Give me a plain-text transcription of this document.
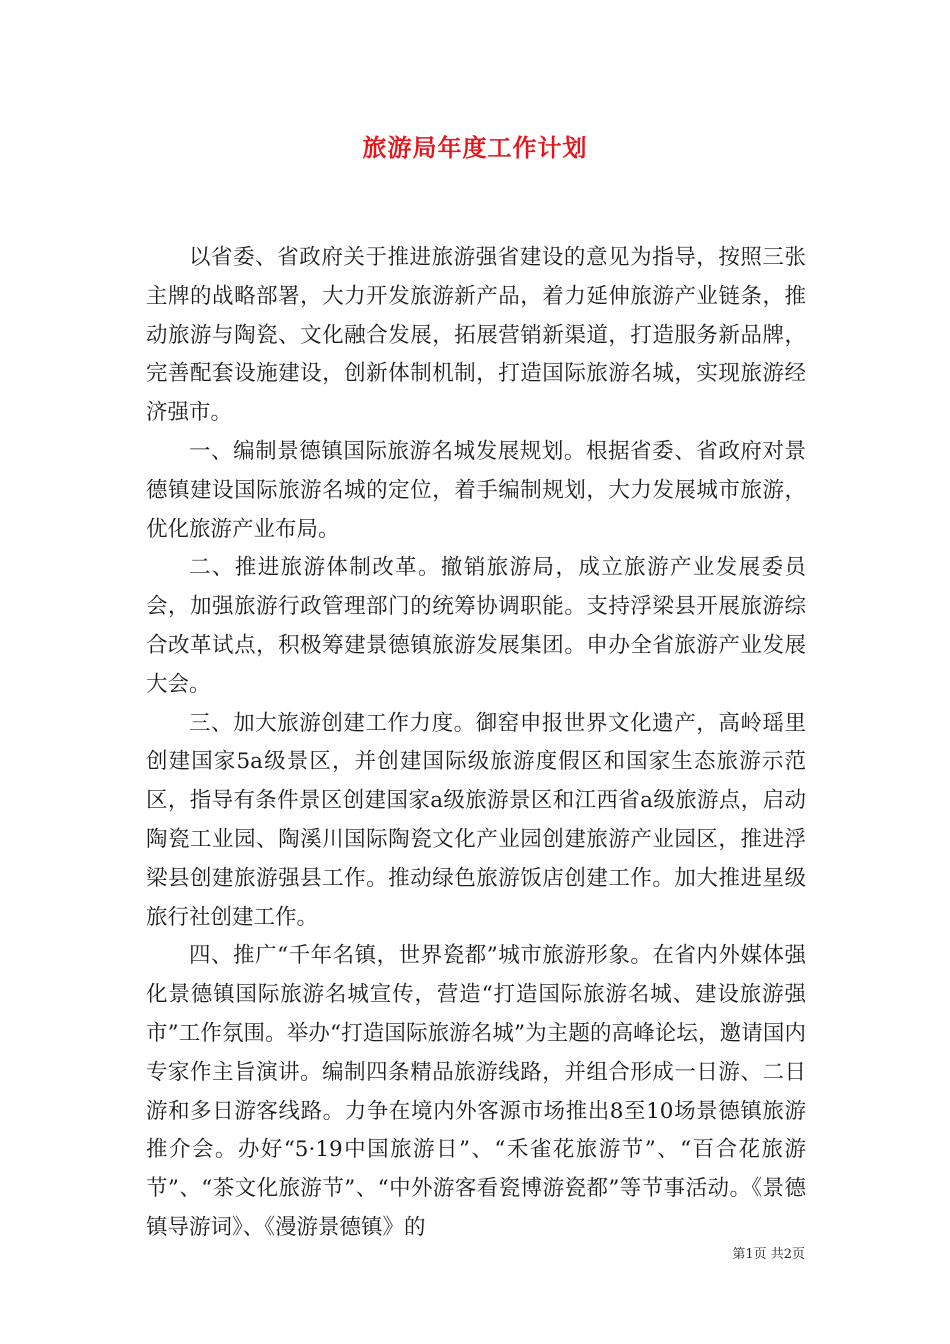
旅游局年度工作计划

以省委、省政府关于推进旅游强省建设的意见为指导，按照三张主牌的战略部署，大力开发旅游新产品，着力延伸旅游产业链条，推动旅游与陶瓷、文化融合发展，拓展营销新渠道，打造服务新品牌，完善配套设施建设，创新体制机制，打造国际旅游名城，实现旅游经济强市。

一、编制景德镇国际旅游名城发展规划。根据省委、省政府对景德镇建设国际旅游名城的定位，着手编制规划，大力发展城市旅游，优化旅游产业布局。

二、推进旅游体制改革。撤销旅游局，成立旅游产业发展委员会，加强旅游行政管理部门的统筹协调职能。支持浮梁县开展旅游综合改革试点，积极筹建景德镇旅游发展集团。申办全省旅游产业发展大会。

三、加大旅游创建工作力度。御窑申报世界文化遗产，高岭瑶里创建国家5a级景区，并创建国际级旅游度假区和国家生态旅游示范区，指导有条件景区创建国家a级旅游景区和江西省a级旅游点，启动陶瓷工业园、陶溪川国际陶瓷文化产业园创建旅游产业园区，推进浮梁县创建旅游强县工作。推动绿色旅游饭店创建工作。加大推进星级旅行社创建工作。

四、推广“千年名镇，世界瓷都”城市旅游形象。在省内外媒体强化景德镇国际旅游名城宣传，营造“打造国际旅游名城、建设旅游强市”工作氛围。举办“打造国际旅游名城”为主题的高峰论坛，邀请国内专家作主旨演讲。编制四条精品旅游线路，并组合形成一日游、二日游和多日游客线路。力争在境内外客源市场推出8至10场景德镇旅游推介会。办好“5·19中国旅游日”、“禾雀花旅游节”、“百合花旅游节”、“茶文化旅游节”、“中外游客看瓷博游瓷都”等节事活动。《景德镇导游词》、《漫游景德镇》的

第1页 共2页
